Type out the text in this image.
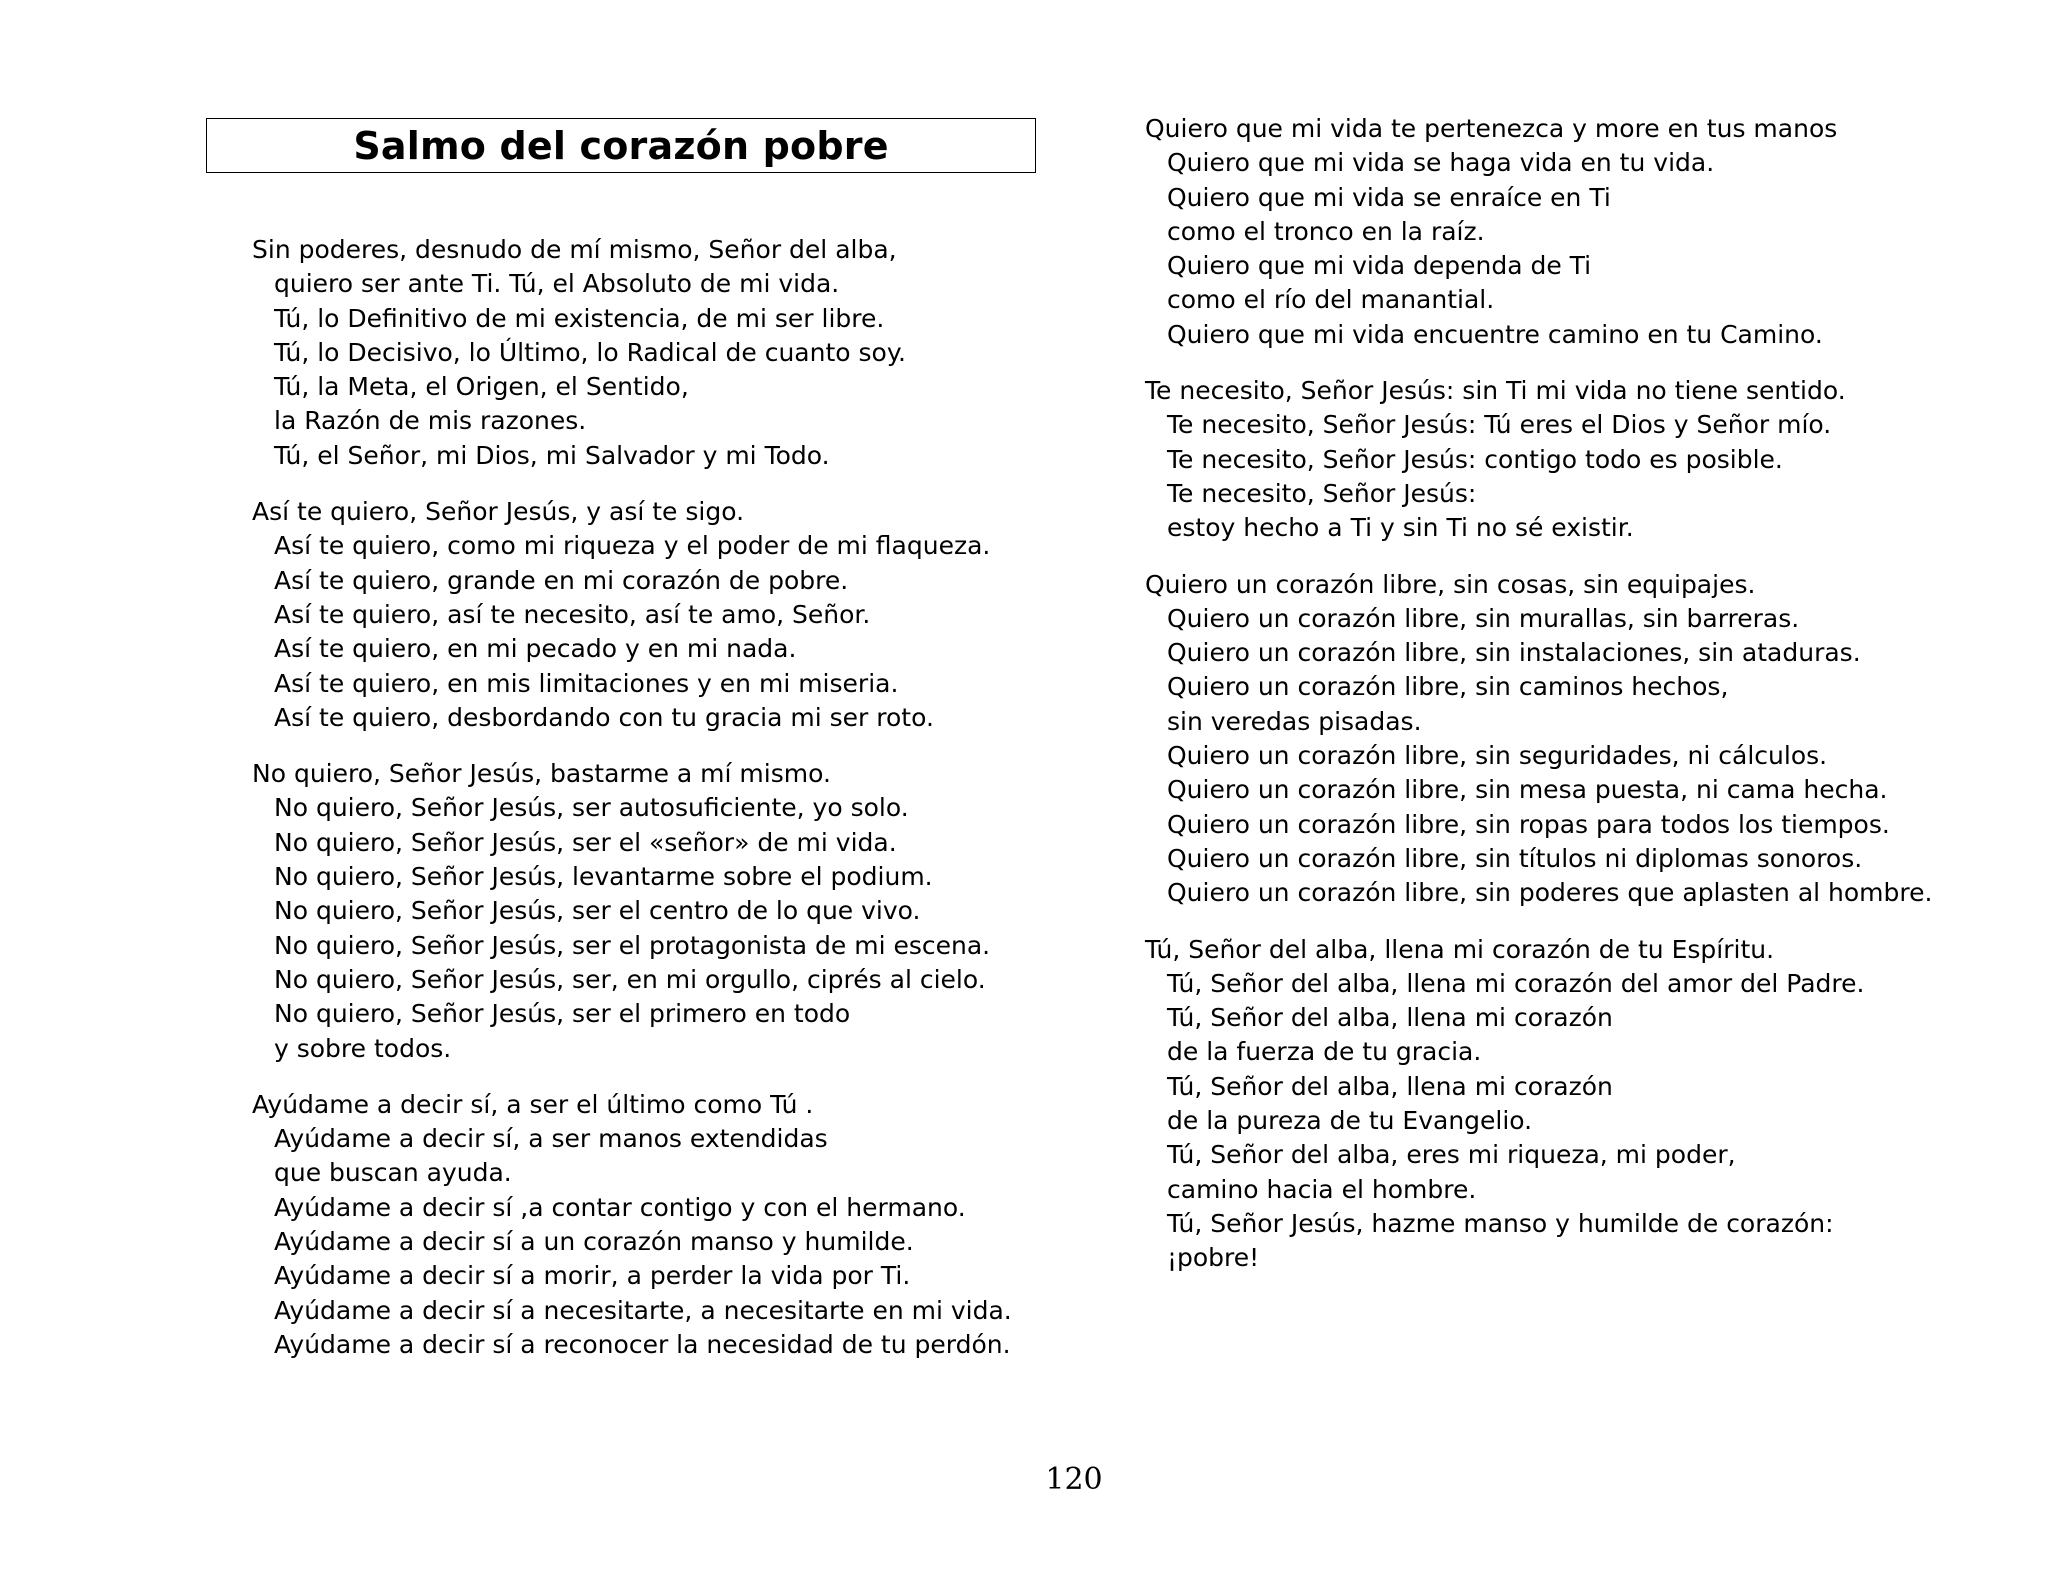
Salmo del corazón pobre
Sin poderes, desnudo de mí mismo, Señor del alba,
quiero ser ante Ti. Tú, el Absoluto de mi vida.
Tú, lo Definitivo de mi existencia, de mi ser libre.
Tú, lo Decisivo, lo Último, lo Radical de cuanto soy.
Tú, la Meta, el Origen, el Sentido,
la Razón de mis razones.
Tú, el Señor, mi Dios, mi Salvador y mi Todo.
Así te quiero, Señor Jesús, y así te sigo.
Así te quiero, como mi riqueza y el poder de mi flaqueza.
Así te quiero, grande en mi corazón de pobre.
Así te quiero, así te necesito, así te amo, Señor.
Así te quiero, en mi pecado y en mi nada.
Así te quiero, en mis limitaciones y en mi miseria.
Así te quiero, desbordando con tu gracia mi ser roto.
No quiero, Señor Jesús, bastarme a mí mismo.
No quiero, Señor Jesús, ser autosuficiente, yo solo.
No quiero, Señor Jesús, ser el «señor» de mi vida.
No quiero, Señor Jesús, levantarme sobre el podium.
No quiero, Señor Jesús, ser el centro de lo que vivo.
No quiero, Señor Jesús, ser el protagonista de mi escena.
No quiero, Señor Jesús, ser, en mi orgullo, ciprés al cielo.
No quiero, Señor Jesús, ser el primero en todo
y sobre todos.
Ayúdame a decir sí, a ser el último como Tú .
Ayúdame a decir sí, a ser manos extendidas
que buscan ayuda.
Ayúdame a decir sí ,a contar contigo y con el hermano.
Ayúdame a decir sí a un corazón manso y humilde.
Ayúdame a decir sí a morir, a perder la vida por Ti.
Ayúdame a decir sí a necesitarte, a necesitarte en mi vida.
Ayúdame a decir sí a reconocer la necesidad de tu perdón.
Quiero que mi vida te pertenezca y more en tus manos
Quiero que mi vida se haga vida en tu vida.
Quiero que mi vida se enraíce en Ti
como el tronco en la raíz.
Quiero que mi vida dependa de Ti
como el río del manantial.
Quiero que mi vida encuentre camino en tu Camino.
Te necesito, Señor Jesús: sin Ti mi vida no tiene sentido.
Te necesito, Señor Jesús: Tú eres el Dios y Señor mío.
Te necesito, Señor Jesús: contigo todo es posible.
Te necesito, Señor Jesús:
estoy hecho a Ti y sin Ti no sé existir.
Quiero un corazón libre, sin cosas, sin equipajes.
Quiero un corazón libre, sin murallas, sin barreras.
Quiero un corazón libre, sin instalaciones, sin ataduras.
Quiero un corazón libre, sin caminos hechos,
sin veredas pisadas.
Quiero un corazón libre, sin seguridades, ni cálculos.
Quiero un corazón libre, sin mesa puesta, ni cama hecha.
Quiero un corazón libre, sin ropas para todos los tiempos.
Quiero un corazón libre, sin títulos ni diplomas sonoros.
Quiero un corazón libre, sin poderes que aplasten al hombre.
Tú, Señor del alba, llena mi corazón de tu Espíritu.
Tú, Señor del alba, llena mi corazón del amor del Padre.
Tú, Señor del alba, llena mi corazón
de la fuerza de tu gracia.
Tú, Señor del alba, llena mi corazón
de la pureza de tu Evangelio.
Tú, Señor del alba, eres mi riqueza, mi poder,
camino hacia el hombre.
Tú, Señor Jesús, hazme manso y humilde de corazón:
¡pobre!
120
